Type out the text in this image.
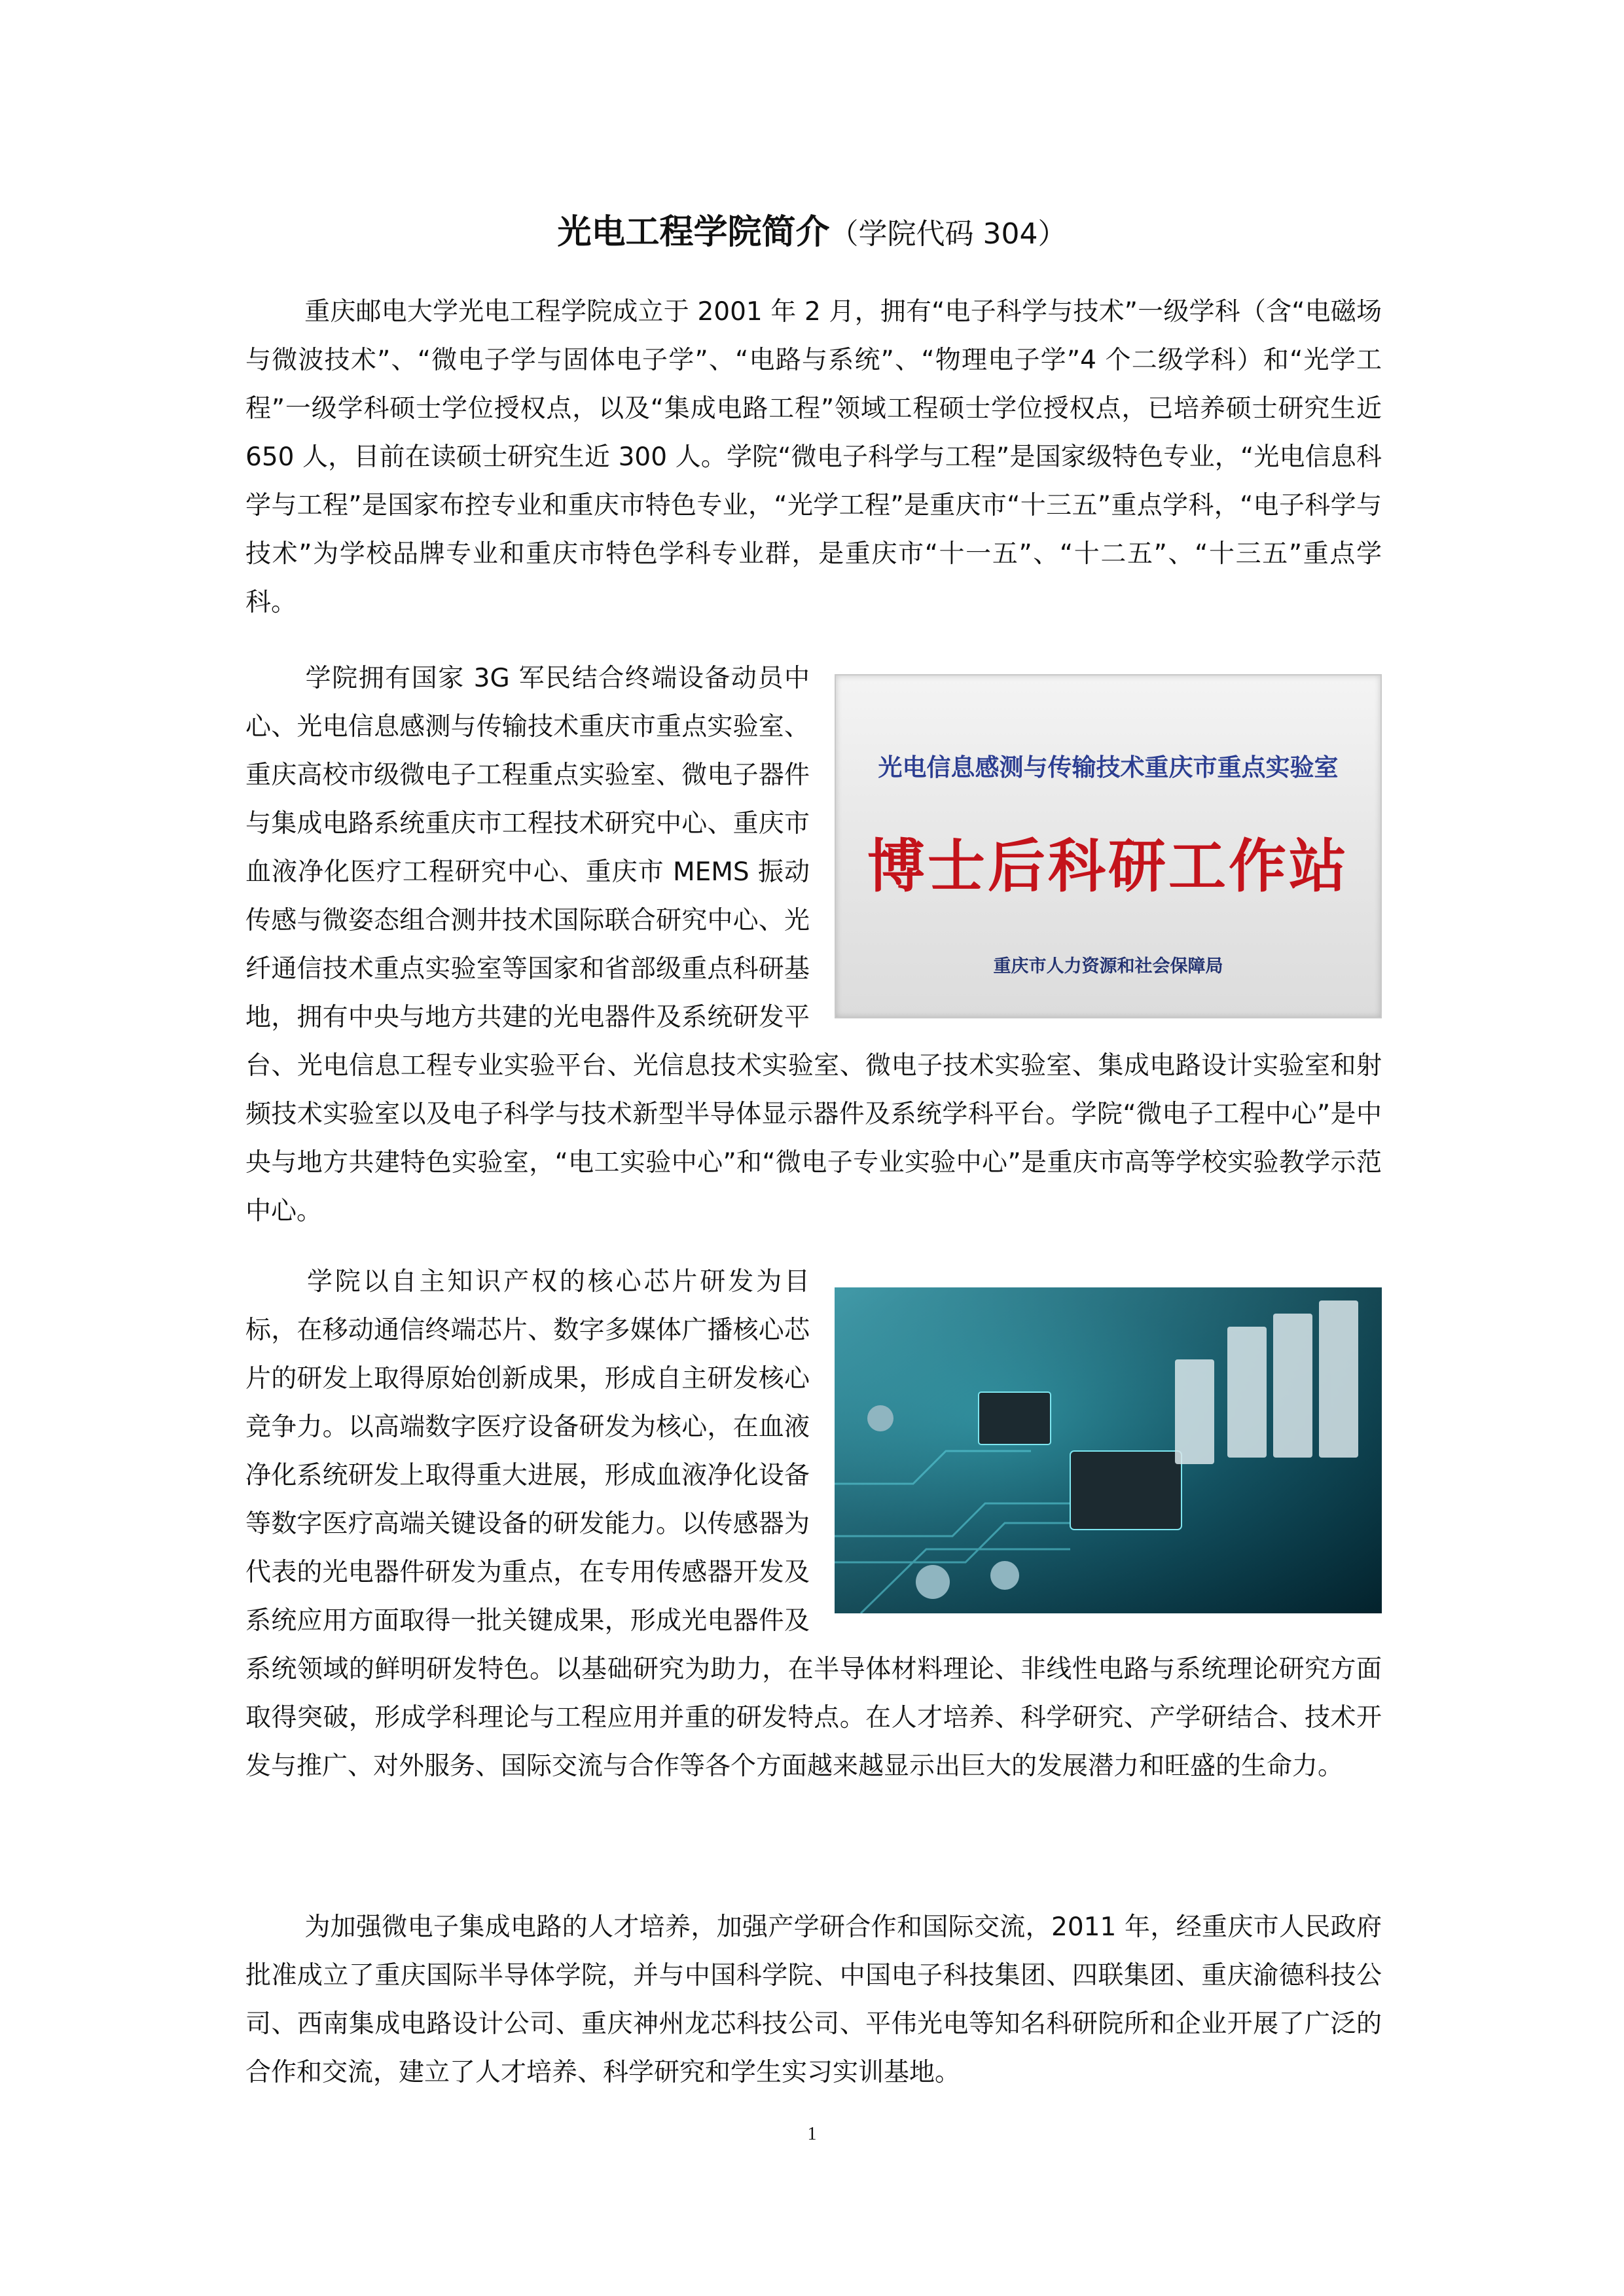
光电工程学院简介（学院代码 304）

重庆邮电大学光电工程学院成立于 2001 年 2 月，拥有“电子科学与技术”一级学科（含“电磁场与微波技术”、“微电子学与固体电子学”、“电路与系统”、“物理电子学”4 个二级学科）和“光学工程”一级学科硕士学位授权点，以及“集成电路工程”领域工程硕士学位授权点，已培养硕士研究生近 650 人，目前在读硕士研究生近 300 人。学院“微电子科学与工程”是国家级特色专业，“光电信息科学与工程”是国家布控专业和重庆市特色专业，“光学工程”是重庆市“十三五”重点学科，“电子科学与技术”为学校品牌专业和重庆市特色学科专业群，是重庆市“十一五”、“十二五”、“十三五”重点学科。

光电信息感测与传输技术重庆市重点实验室
博士后科研工作站
重庆市人力资源和社会保障局

学院拥有国家 3G 军民结合终端设备动员中心、光电信息感测与传输技术重庆市重点实验室、重庆高校市级微电子工程重点实验室、微电子器件与集成电路系统重庆市工程技术研究中心、重庆市血液净化医疗工程研究中心、重庆市 MEMS 振动传感与微姿态组合测井技术国际联合研究中心、光纤通信技术重点实验室等国家和省部级重点科研基地，拥有中央与地方共建的光电器件及系统研发平台、光电信息工程专业实验平台、光信息技术实验室、微电子技术实验室、集成电路设计实验室和射频技术实验室以及电子科学与技术新型半导体显示器件及系统学科平台。学院“微电子工程中心”是中央与地方共建特色实验室，“电工实验中心”和“微电子专业实验中心”是重庆市高等学校实验教学示范中心。

学院以自主知识产权的核心芯片研发为目标，在移动通信终端芯片、数字多媒体广播核心芯片的研发上取得原始创新成果，形成自主研发核心竞争力。以高端数字医疗设备研发为核心，在血液净化系统研发上取得重大进展，形成血液净化设备等数字医疗高端关键设备的研发能力。以传感器为代表的光电器件研发为重点，在专用传感器开发及系统应用方面取得一批关键成果，形成光电器件及系统领域的鲜明研发特色。以基础研究为助力，在半导体材料理论、非线性电路与系统理论研究方面取得突破，形成学科理论与工程应用并重的研发特点。在人才培养、科学研究、产学研结合、技术开发与推广、对外服务、国际交流与合作等各个方面越来越显示出巨大的发展潜力和旺盛的生命力。

为加强微电子集成电路的人才培养，加强产学研合作和国际交流，2011 年，经重庆市人民政府批准成立了重庆国际半导体学院，并与中国科学院、中国电子科技集团、四联集团、重庆渝德科技公司、西南集成电路设计公司、重庆神州龙芯科技公司、平伟光电等知名科研院所和企业开展了广泛的合作和交流，建立了人才培养、科学研究和学生实习实训基地。

1
